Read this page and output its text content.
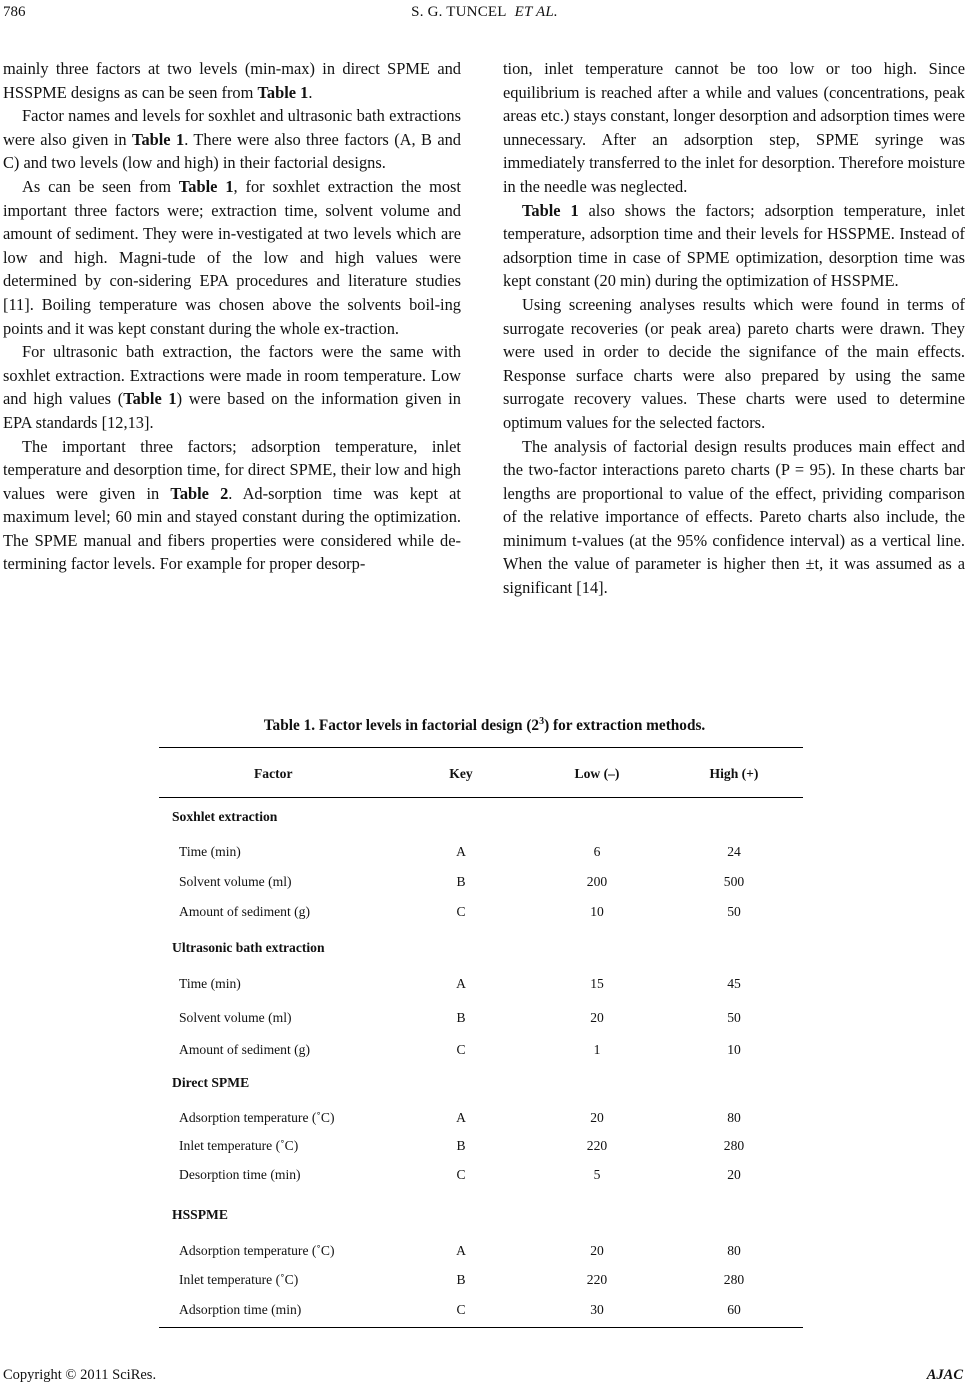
786	S. G. TUNCEL ET AL.

mainly three factors at two levels (min-max) in direct SPME and HSSPME designs as can be seen from Table 1.

Factor names and levels for soxhlet and ultrasonic bath extractions were also given in Table 1. There were also three factors (A, B and C) and two levels (low and high) in their factorial designs.

As can be seen from Table 1, for soxhlet extraction the most important three factors were; extraction time, solvent volume and amount of sediment. They were in-vestigated at two levels which are low and high. Magni-tude of the low and high values were determined by con-sidering EPA procedures and literature studies [11]. Boiling temperature was chosen above the solvents boil-ing points and it was kept constant during the whole ex-traction.

For ultrasonic bath extraction, the factors were the same with soxhlet extraction. Extractions were made in room temperature. Low and high values (Table 1) were based on the information given in EPA standards [12,13].

The important three factors; adsorption temperature, inlet temperature and desorption time, for direct SPME, their low and high values were given in Table 2. Ad-sorption time was kept at maximum level; 60 min and stayed constant during the optimization. The SPME manual and fibers properties were considered while de-termining factor levels. For example for proper desorp-

tion, inlet temperature cannot be too low or too high. Since equilibrium is reached after a while and values (concentrations, peak areas etc.) stays constant, longer desorption and adsorption times were unnecessary. After an adsorption step, SPME syringe was immediately transferred to the inlet for desorption. Therefore moisture in the needle was neglected.

Table 1 also shows the factors; adsorption temperature, inlet temperature, adsorption time and their levels for HSSPME. Instead of adsorption time in case of SPME optimization, desorption time was kept constant (20 min) during the optimization of HSSPME.

Using screening analyses results which were found in terms of surrogate recoveries (or peak area) pareto charts were drawn. They were used in order to decide the signifance of the main effects. Response surface charts were also prepared by using the same surrogate recovery values. These charts were used to determine optimum values for the selected factors.

The analysis of factorial design results produces main effect and the two-factor interactions pareto charts (P = 95). In these charts bar lengths are proportional to value of the effect, prividing comparison of the relative importance of effects. Pareto charts also include, the minimum t-values (at the 95% confidence interval) as a vertical line. When the value of parameter is higher then ±t, it was assumed as a significant [14].

Table 1. Factor levels in factorial design $(2^3)$ for extraction methods.
Factor	Key	Low (–)	High (+)
Soxhlet extraction
Time (min)	A	6	24
Solvent volume (ml)	B	200	500
Amount of sediment (g)	C	10	50
Ultrasonic bath extraction
Time (min)	A	15	45
Solvent volume (ml)	B	20	50
Amount of sediment (g)	C	1	10
Direct SPME
Adsorption temperature (˚C)	A	20	80
Inlet temperature (˚C)	B	220	280
Desorption time (min)	C	5	20
HSSPME
Adsorption temperature (˚C)	A	20	80
Inlet temperature (˚C)	B	220	280
Adsorption time (min)	C	30	60
Copyright © 2011 SciRes.	AJAC
